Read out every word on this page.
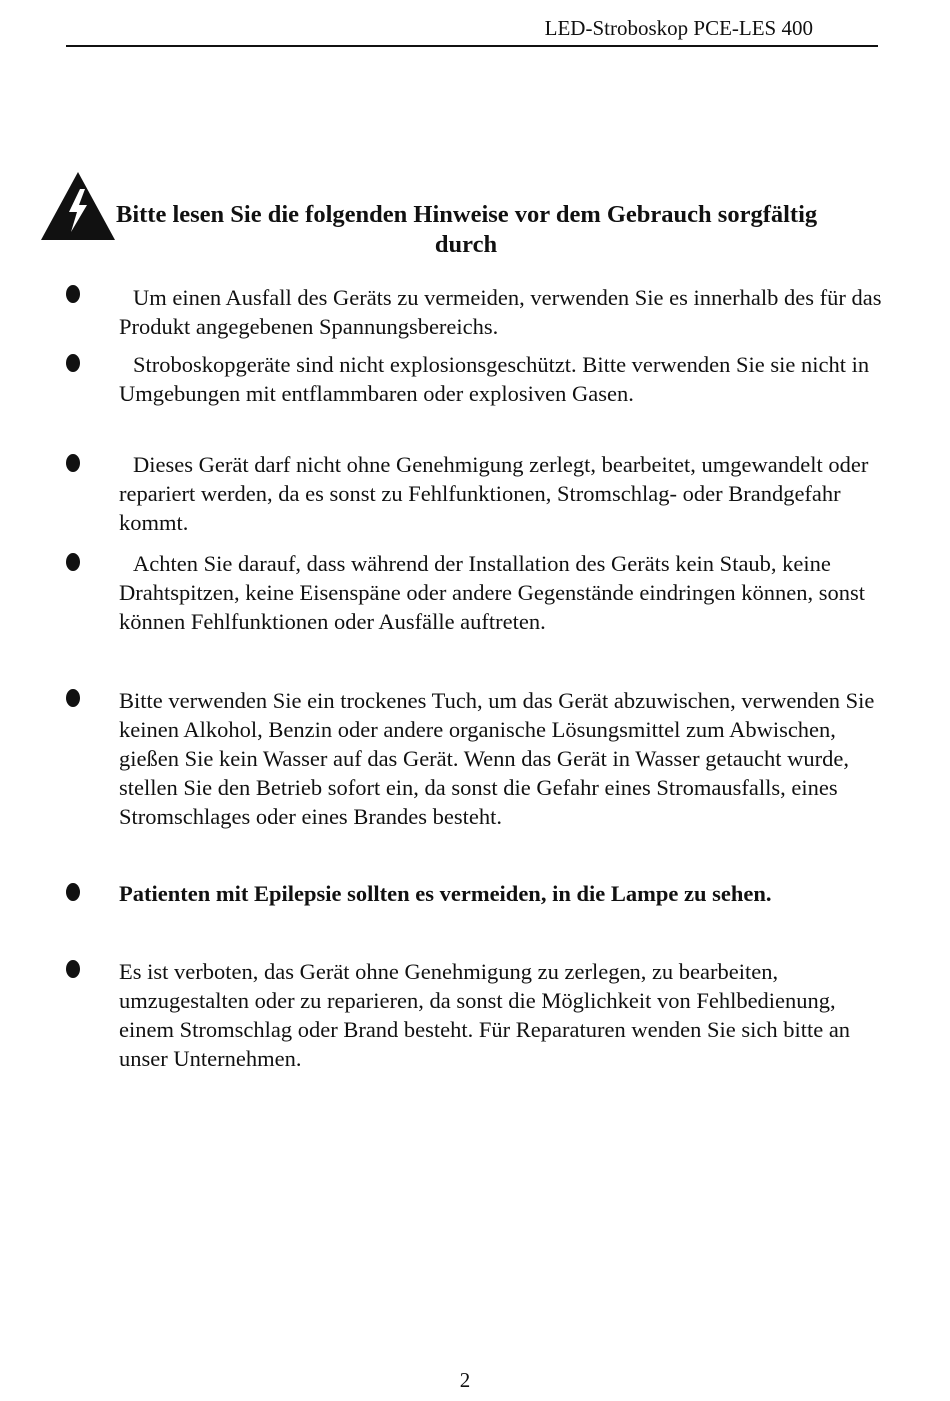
LED-Stroboskop PCE-LES 400
Bitte lesen Sie die folgenden Hinweise vor dem Gebrauch sorgfältig
durch
Um einen Ausfall des Geräts zu vermeiden, verwenden Sie es innerhalb des für das Produkt angegebenen Spannungsbereichs.
Stroboskopgeräte sind nicht explosionsgeschützt. Bitte verwenden Sie sie nicht in Umgebungen mit entflammbaren oder explosiven Gasen.
Dieses Gerät darf nicht ohne Genehmigung zerlegt, bearbeitet, umgewandelt oder repariert werden, da es sonst zu Fehlfunktionen, Stromschlag- oder Brandgefahr kommt.
Achten Sie darauf, dass während der Installation des Geräts kein Staub, keine Drahtspitzen, keine Eisenspäne oder andere Gegenstände eindringen können, sonst können Fehlfunktionen oder Ausfälle auftreten.
Bitte verwenden Sie ein trockenes Tuch, um das Gerät abzuwischen, verwenden Sie keinen Alkohol, Benzin oder andere organische Lösungsmittel zum Abwischen, gießen Sie kein Wasser auf das Gerät. Wenn das Gerät in Wasser getaucht wurde, stellen Sie den Betrieb sofort ein, da sonst die Gefahr eines Stromausfalls, eines Stromschlages oder eines Brandes besteht.
Patienten mit Epilepsie sollten es vermeiden, in die Lampe zu sehen.
Es ist verboten, das Gerät ohne Genehmigung zu zerlegen, zu bearbeiten, umzugestalten oder zu reparieren, da sonst die Möglichkeit von Fehlbedienung, einem Stromschlag oder Brand besteht. Für Reparaturen wenden Sie sich bitte an unser Unternehmen.
2
